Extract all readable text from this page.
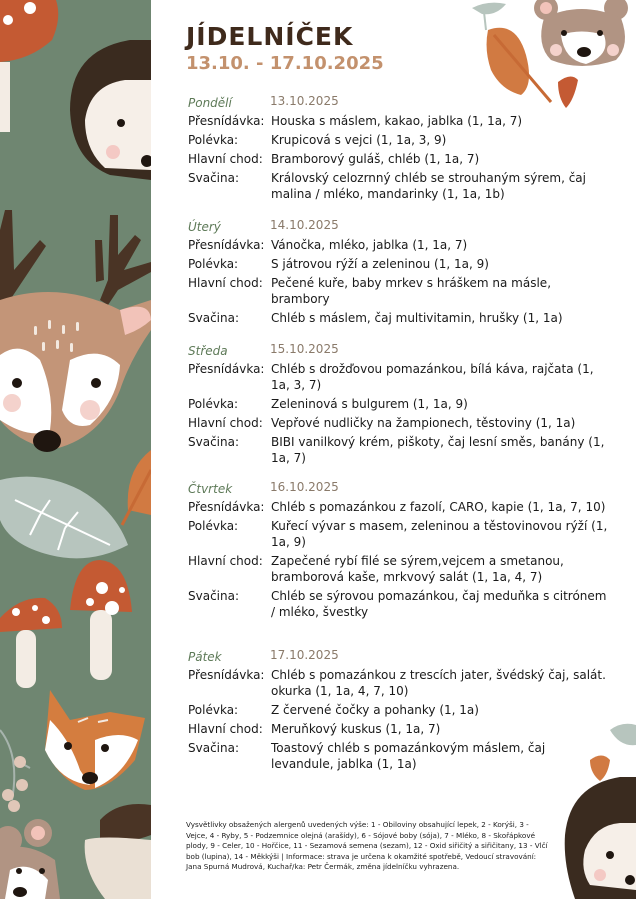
JÍDELNÍČEK
13.10. - 17.10.2025
Pondělí	13.10.2025
Přesnídávka: Houska s máslem, kakao, jablka (1, 1a, 7)
Polévka:	Krupicová s vejci (1, 1a, 3, 9)
Hlavní chod: Bramborový guláš, chléb (1, 1a, 7)
Svačina:	Královský celozrnný chléb se strouhaným sýrem, čaj malina / mléko, mandarinky (1, 1a, 1b)
Úterý	14.10.2025
Přesnídávka: Vánočka, mléko, jablka (1, 1a, 7)
Polévka:	S játrovou rýží a zeleninou (1, 1a, 9)
Hlavní chod: Pečené kuře, baby mrkev s hráškem na másle, brambory
Svačina:	Chléb s máslem, čaj multivitamin, hrušky (1, 1a)
Středa	15.10.2025
Přesnídávka: Chléb s drožďovou pomazánkou, bílá káva, rajčata (1, 1a, 3, 7)
Polévka:	Zeleninová s bulgurem (1, 1a, 9)
Hlavní chod: Vepřové nudličky na žampionech, těstoviny (1, 1a)
Svačina:	BIBI vanilkový krém, piškoty, čaj lesní směs, banány (1, 1a, 7)
Čtvrtek	16.10.2025
Přesnídávka: Chléb s pomazánkou z fazolí, CARO, kapie (1, 1a, 7, 10)
Polévka:	Kuřecí vývar s masem, zeleninou a těstovinovou rýží (1, 1a, 9)
Hlavní chod: Zapečené rybí filé se sýrem,vejcem a smetanou, bramborová kaše, mrkvový salát (1, 1a, 4, 7)
Svačina:	Chléb se sýrovou pomazánkou, čaj meduňka s citrónem / mléko, švestky
Pátek	17.10.2025
Přesnídávka: Chléb s pomazánkou z trescích jater, švédský čaj, salát. okurka (1, 1a, 4, 7, 10)
Polévka:	Z červené čočky a pohanky (1, 1a)
Hlavní chod: Meruňkový kuskus (1, 1a, 7)
Svačina:	Toastový chléb s pomazánkovým máslem, čaj levandule, jablka (1, 1a)
Vysvětlivky obsažených alergenů uvedených výše: 1 - Obiloviny obsahující lepek, 2 - Korýši, 3 - Vejce, 4 - Ryby, 5 - Podzemnice olejná (arašídy), 6 - Sójové boby (sója), 7 - Mléko, 8 - Skořápkové plody, 9 - Celer, 10 - Hořčice, 11 - Sezamová semena (sezam), 12 - Oxid siřičitý a siřičitany, 13 - Vlčí bob (lupina), 14 - Měkkýši | Informace: strava je určena k okamžité spotřebě, Vedoucí stravování: Jana Spurná Mudrová, Kuchař/ka: Petr Čermák, změna jídelníčku vyhrazena.
